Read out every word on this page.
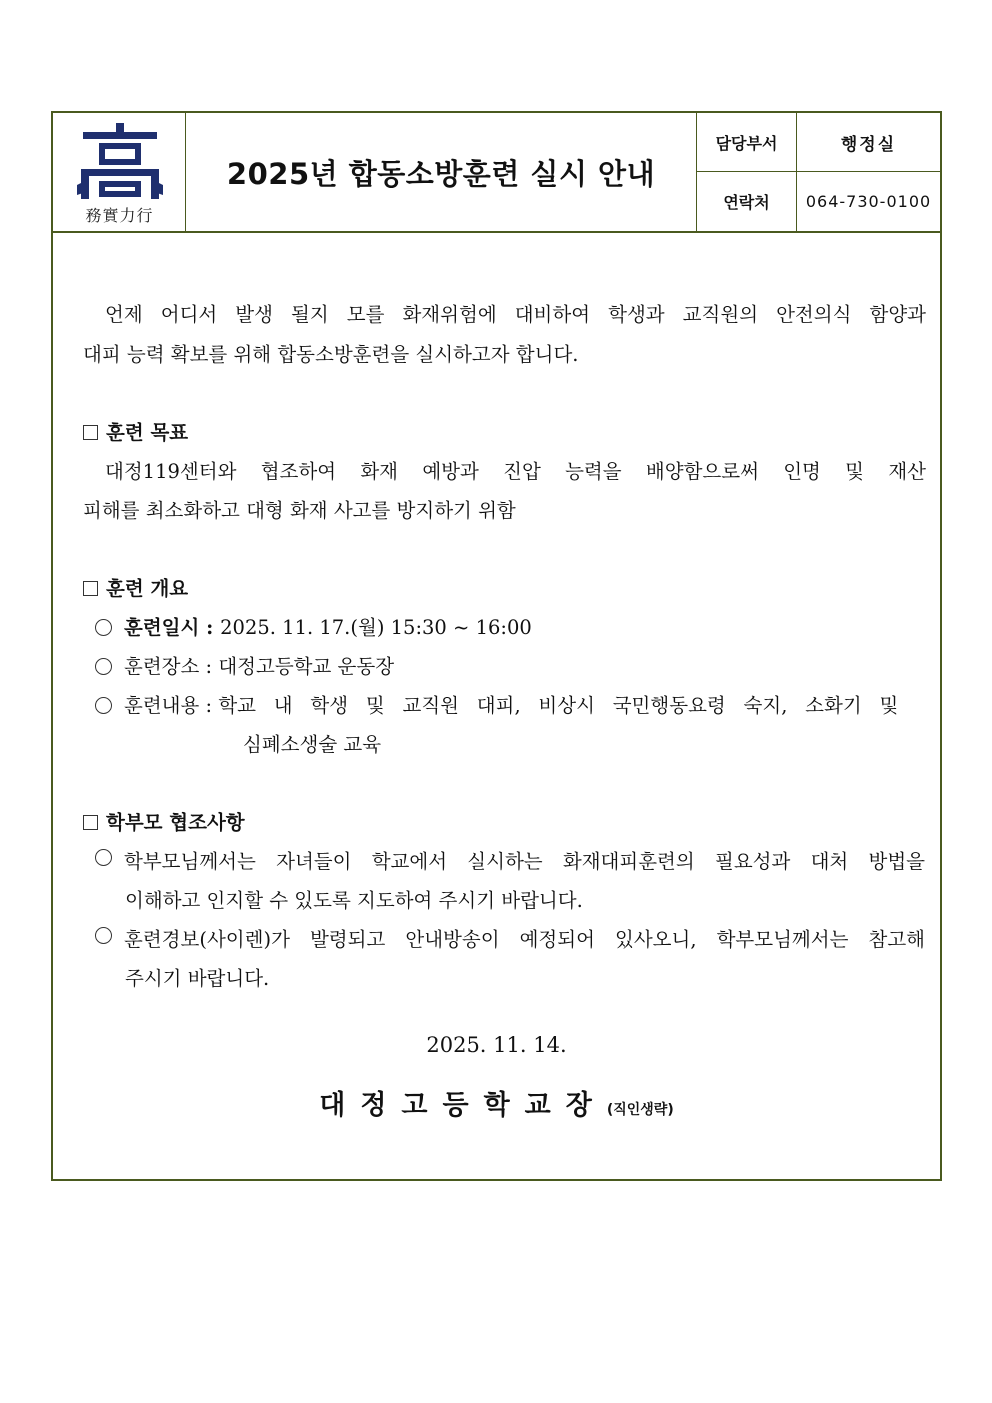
務實力行
2025년 합동소방훈련 실시 안내
담당부서	행정실
연락처	064-730-0100
언제 어디서 발생 될지 모를 화재위험에 대비하여 학생과 교직원의 안전의식 함양과
대피 능력 확보를 위해 합동소방훈련을 실시하고자 합니다.
훈련 목표
대정119센터와 협조하여 화재 예방과 진압 능력을 배양함으로써 인명 및 재산
피해를 최소화하고 대형 화재 사고를 방지하기 위함
훈련 개요
훈련일시 : 2025. 11. 17.(월) 15:30 ~ 16:00
훈련장소 : 대정고등학교 운동장
훈련내용 : 학교 내 학생 및 교직원 대피, 비상시 국민행동요령 숙지, 소화기 및
심폐소생술 교육
학부모 협조사항
학부모님께서는 자녀들이 학교에서 실시하는 화재대피훈련의 필요성과 대처 방법을
이해하고 인지할 수 있도록 지도하여 주시기 바랍니다.
훈련경보(사이렌)가 발령되고 안내방송이 예정되어 있사오니, 학부모님께서는 참고해
주시기 바랍니다.
2025. 11. 14.
대정고등학교장(직인생략)
